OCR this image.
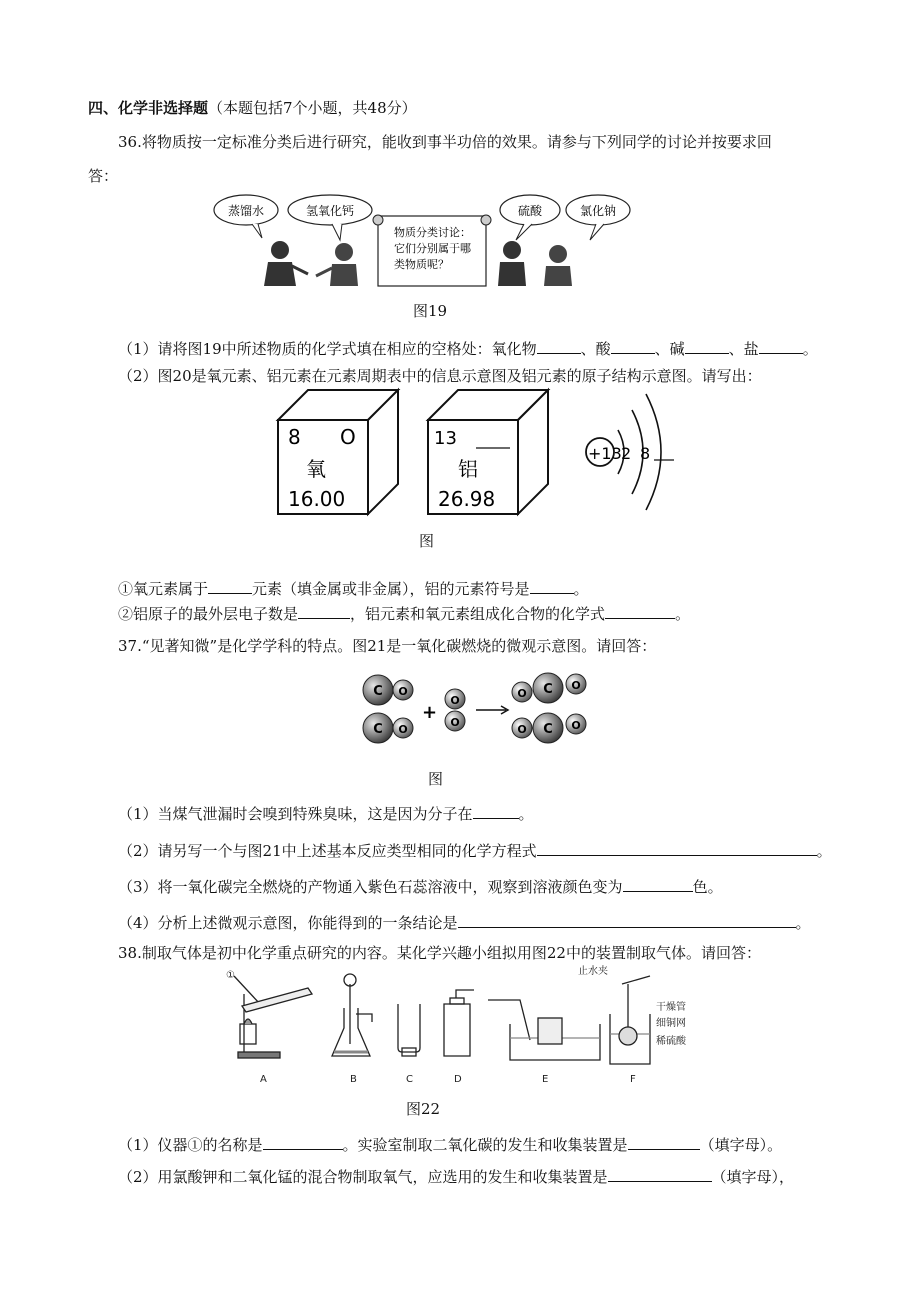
四、化学非选择题（本题包括7个小题，共48分）
36.将物质按一定标准分类后进行研究，能收到事半功倍的效果。请参与下列同学的讨论并按要求回
答：
蒸馏水	氢氧化钙	硫酸	氯化钠
物质分类讨论：
它们分别属于哪
类物质呢？
图19
（1）请将图19中所述物质的化学式填在相应的空格处：氧化物	、酸	、碱	、盐	。
（2）图20是氧元素、铝元素在元素周期表中的信息示意图及铝元素的原子结构示意图。请写出：
8 O
氧
16.00
13
铝
26.98
+13 2 8
图
①氧元素属于	元素（填金属或非金属），铝的元素符号是	。
②铝原子的最外层电子数是	，铝元素和氧元素组成化合物的化学式	。
37.“见著知微”是化学学科的特点。图21是一氧化碳燃烧的微观示意图。请回答：
C O
C O
+
O
O
O C O
O C O
图
（1）当煤气泄漏时会嗅到特殊臭味，这是因为分子在	。
（2）请另写一个与图21中上述基本反应类型相同的化学方程式	。
（3）将一氧化碳完全燃烧的产物通入紫色石蕊溶液中，观察到溶液颜色变为	色。
（4）分析上述微观示意图，你能得到的一条结论是	。
38.制取气体是初中化学重点研究的内容。某化学兴趣小组拟用图22中的装置制取气体。请回答：
①
A	B	C	D	E	F
止水夹
干燥管
细铜网
稀硫酸
图22
（1）仪器①的名称是	。实验室制取二氧化碳的发生和收集装置是	（填字母）。
（2）用氯酸钾和二氧化锰的混合物制取氧气，应选用的发生和收集装置是	（填字母），
